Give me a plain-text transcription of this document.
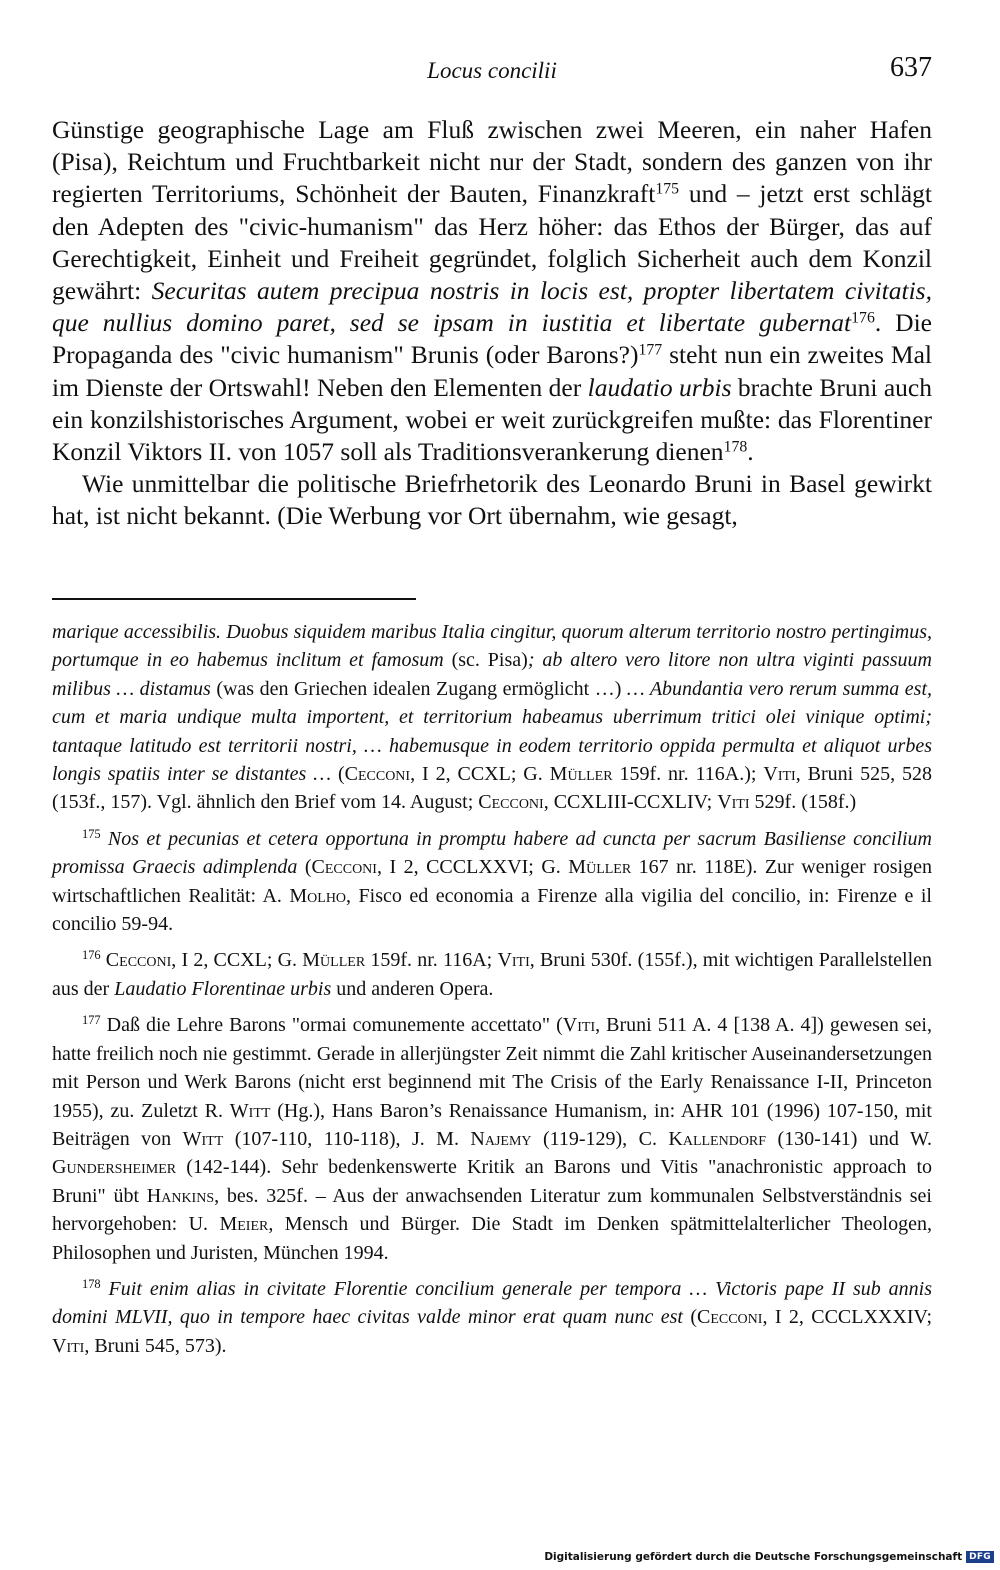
Locus concilii	637

Günstige geographische Lage am Fluß zwischen zwei Meeren, ein naher Hafen (Pisa), Reichtum und Fruchtbarkeit nicht nur der Stadt, sondern des ganzen von ihr regierten Territoriums, Schönheit der Bauten, Finanzkraft$^{175}$ und – jetzt erst schlägt den Adepten des "civic-humanism" das Herz höher: das Ethos der Bürger, das auf Gerechtigkeit, Einheit und Freiheit gegründet, folglich Sicherheit auch dem Konzil gewährt: Securitas autem precipua nostris in locis est, propter libertatem civitatis, que nullius domino paret, sed se ipsam in iustitia et libertate gubernat$^{176}$. Die Propaganda des "civic humanism" Brunis (oder Barons?)$^{177}$ steht nun ein zweites Mal im Dienste der Ortswahl! Neben den Elementen der laudatio urbis brachte Bruni auch ein konzilshistorisches Argument, wobei er weit zurückgreifen mußte: das Florentiner Konzil Viktors II. von 1057 soll als Traditionsverankerung dienen$^{178}$.

Wie unmittelbar die politische Briefrhetorik des Leonardo Bruni in Basel gewirkt hat, ist nicht bekannt. (Die Werbung vor Ort übernahm, wie gesagt,

marique accessibilis. Duobus siquidem maribus Italia cingitur, quorum alterum territorio nostro pertingimus, portumque in eo habemus inclitum et famosum (sc. Pisa); ab altero vero litore non ultra viginti passuum milibus … distamus (was den Griechen idealen Zugang ermöglicht …) … Abundantia vero rerum summa est, cum et maria undique multa importent, et territorium habeamus uberrimum tritici olei vinique optimi; tantaque latitudo est territorii nostri, … habemusque in eodem territorio oppida permulta et aliquot urbes longis spatiis inter se distantes … (Cecconi, I 2, CCXL; G. Müller 159f. nr. 116A.); Viti, Bruni 525, 528 (153f., 157). Vgl. ähnlich den Brief vom 14. August; Cecconi, CCXLIII-CCXLIV; Viti 529f. (158f.)

$^{175}$ Nos et pecunias et cetera opportuna in promptu habere ad cuncta per sacrum Basiliense concilium promissa Graecis adimplenda (Cecconi, I 2, CCCLXXVI; G. Müller 167 nr. 118E). Zur weniger rosigen wirtschaftlichen Realität: A. Molho, Fisco ed economia a Firenze alla vigilia del concilio, in: Firenze e il concilio 59-94.

$^{176}$ Cecconi, I 2, CCXL; G. Müller 159f. nr. 116A; Viti, Bruni 530f. (155f.), mit wichtigen Parallelstellen aus der Laudatio Florentinae urbis und anderen Opera.

$^{177}$ Daß die Lehre Barons "ormai comunemente accettato" (Viti, Bruni 511 A. 4 [138 A. 4]) gewesen sei, hatte freilich noch nie gestimmt. Gerade in allerjüngster Zeit nimmt die Zahl kritischer Auseinandersetzungen mit Person und Werk Barons (nicht erst beginnend mit The Crisis of the Early Renaissance I-II, Princeton 1955), zu. Zuletzt R. Witt (Hg.), Hans Baron’s Renaissance Humanism, in: AHR 101 (1996) 107-150, mit Beiträgen von Witt (107-110, 110-118), J. M. Najemy (119-129), C. Kallendorf (130-141) und W. Gundersheimer (142-144). Sehr bedenkenswerte Kritik an Barons und Vitis "anachronistic approach to Bruni" übt Hankins, bes. 325f. – Aus der anwachsenden Literatur zum kommunalen Selbstverständnis sei hervorgehoben: U. Meier, Mensch und Bürger. Die Stadt im Denken spätmittelalterlicher Theologen, Philosophen und Juristen, München 1994.

$^{178}$ Fuit enim alias in civitate Florentie concilium generale per tempora … Victoris pape II sub annis domini MLVII, quo in tempore haec civitas valde minor erat quam nunc est (Cecconi, I 2, CCCLXXXIV; Viti, Bruni 545, 573).

Digitalisierung gefördert durch die Deutsche Forschungsgemeinschaft DFG
